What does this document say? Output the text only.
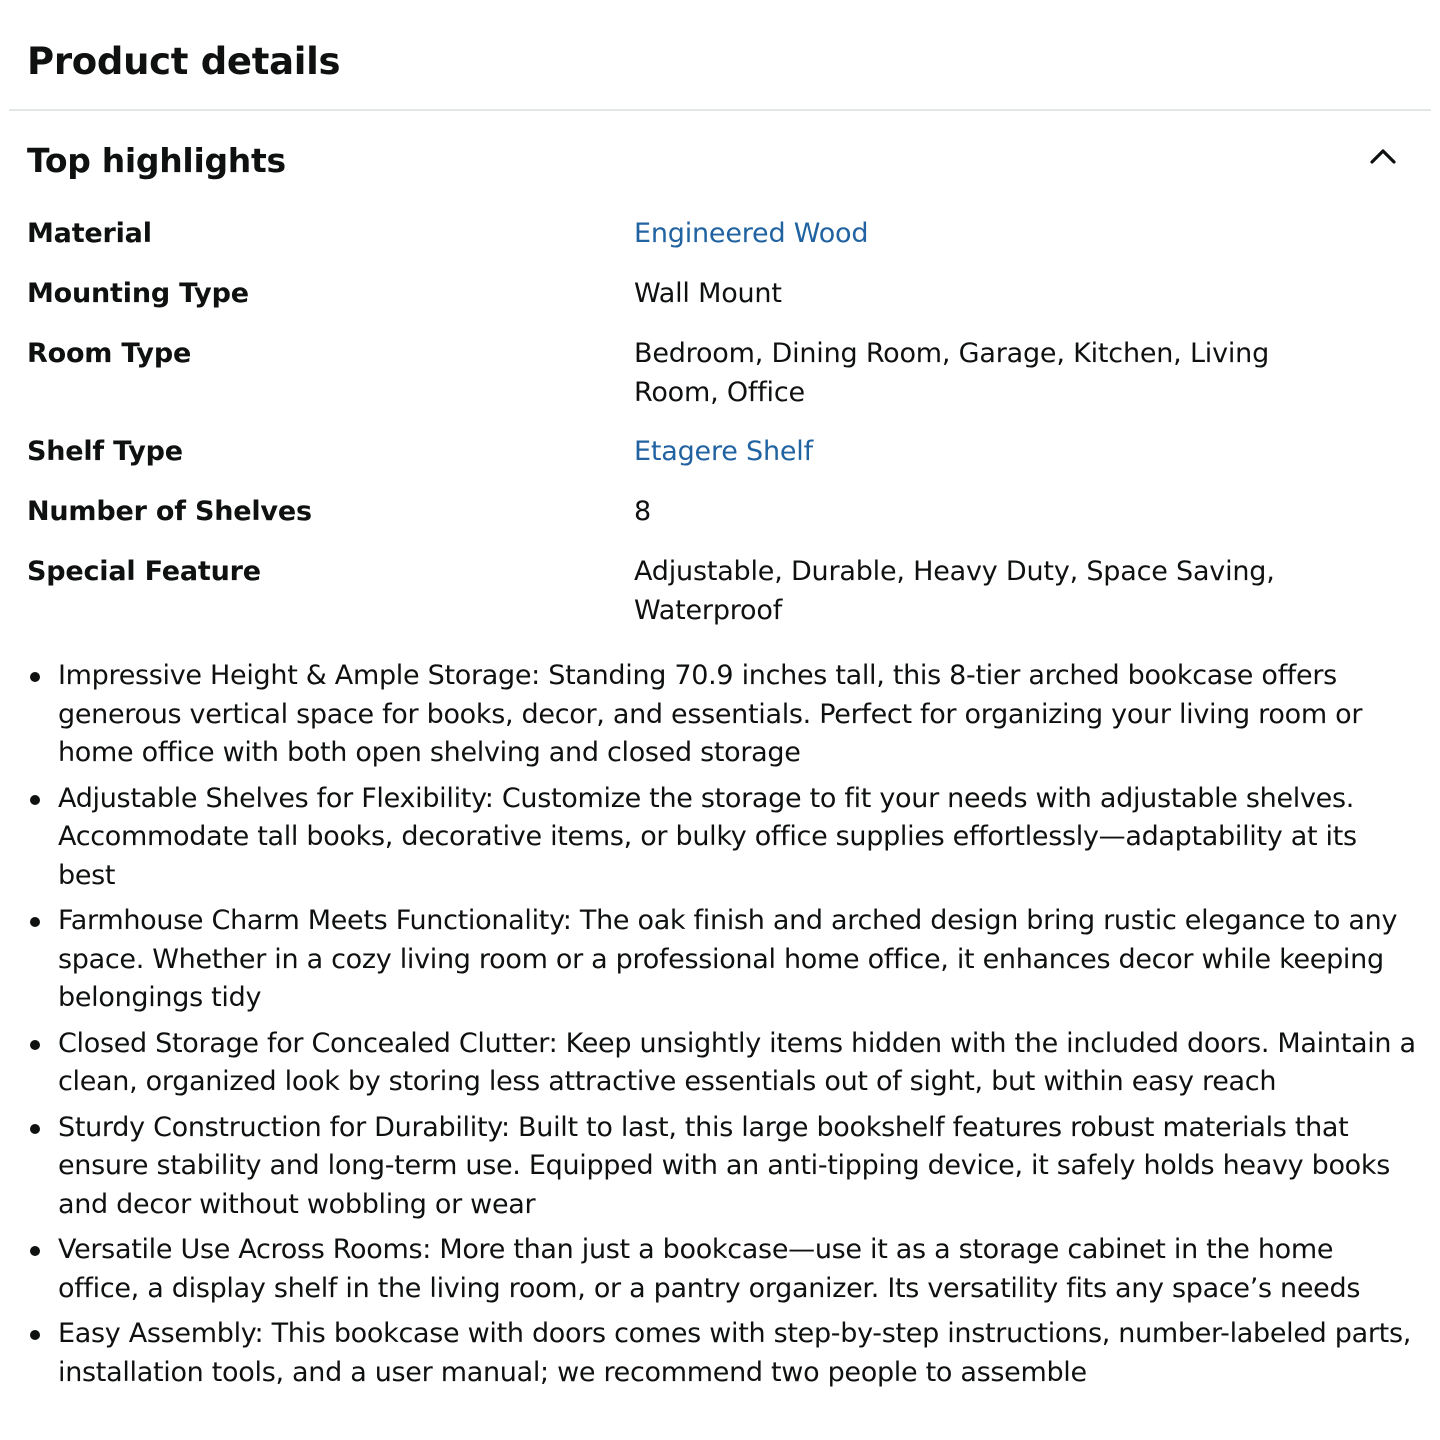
Product details
Top highlights
Material	Engineered Wood
Mounting Type	Wall Mount
Room Type	Bedroom, Dining Room, Garage, Kitchen, Living Room, Office
Shelf Type	Etagere Shelf
Number of Shelves	8
Special Feature	Adjustable, Durable, Heavy Duty, Space Saving, Waterproof
Impressive Height & Ample Storage: Standing 70.9 inches tall, this 8-tier arched bookcase offers generous vertical space for books, decor, and essentials. Perfect for organizing your living room or home office with both open shelving and closed storage
Adjustable Shelves for Flexibility: Customize the storage to fit your needs with adjustable shelves. Accommodate tall books, decorative items, or bulky office supplies effortlessly—adaptability at its best
Farmhouse Charm Meets Functionality: The oak finish and arched design bring rustic elegance to any space. Whether in a cozy living room or a professional home office, it enhances decor while keeping belongings tidy
Closed Storage for Concealed Clutter: Keep unsightly items hidden with the included doors. Maintain a clean, organized look by storing less attractive essentials out of sight, but within easy reach
Sturdy Construction for Durability: Built to last, this large bookshelf features robust materials that ensure stability and long-term use. Equipped with an anti-tipping device, it safely holds heavy books and decor without wobbling or wear
Versatile Use Across Rooms: More than just a bookcase—use it as a storage cabinet in the home office, a display shelf in the living room, or a pantry organizer. Its versatility fits any space’s needs
Easy Assembly: This bookcase with doors comes with step-by-step instructions, number-labeled parts, installation tools, and a user manual; we recommend two people to assemble
